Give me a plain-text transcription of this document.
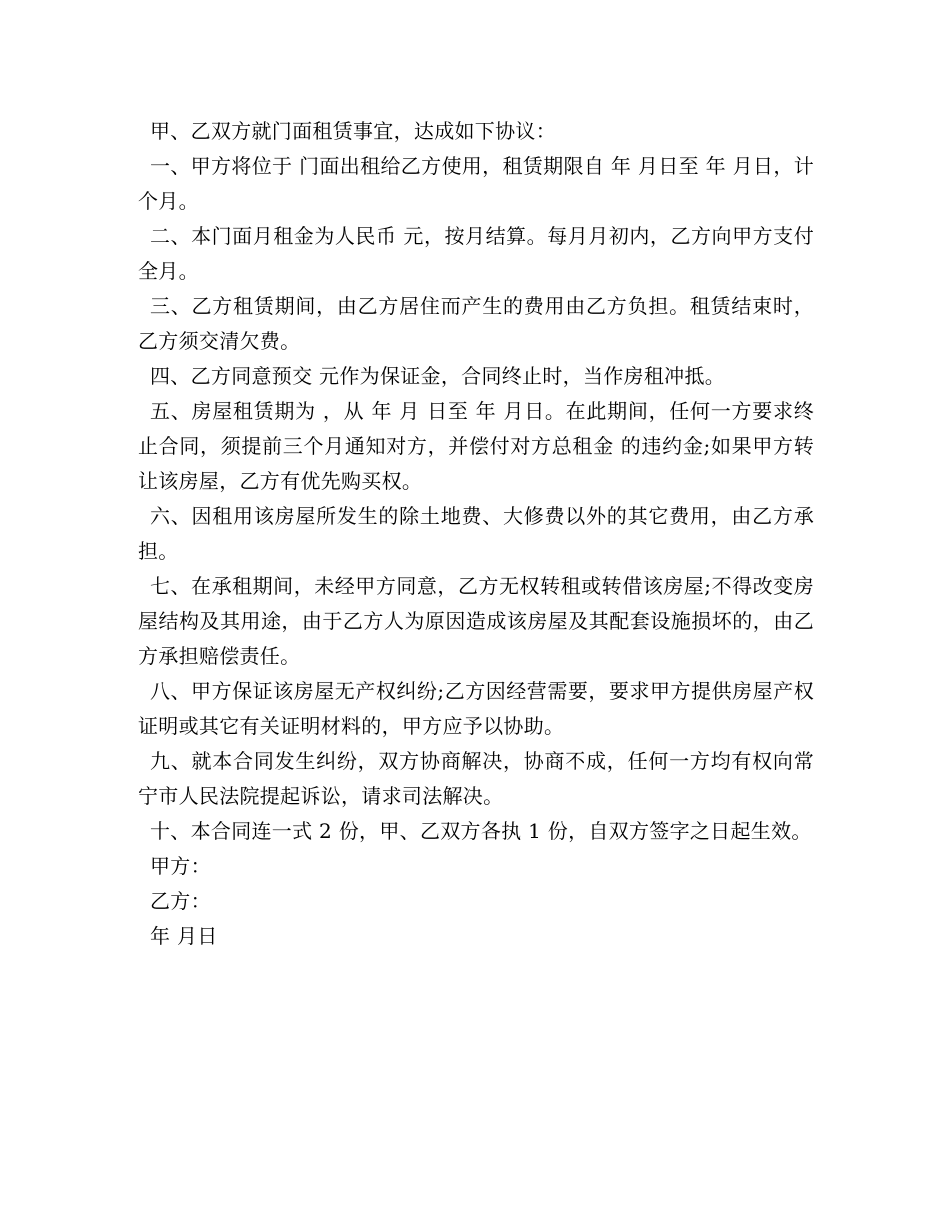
甲、乙双方就门面租赁事宜，达成如下协议：

一、甲方将位于 门面出租给乙方使用，租赁期限自 年 月日至 年 月日，计 个月。

二、本门面月租金为人民币 元，按月结算。每月月初内，乙方向甲方支付全月。

三、乙方租赁期间，由乙方居住而产生的费用由乙方负担。租赁结束时，乙方须交清欠费。

四、乙方同意预交 元作为保证金，合同终止时，当作房租冲抵。

五、房屋租赁期为 ，从 年 月 日至 年 月日。在此期间，任何一方要求终止合同，须提前三个月通知对方，并偿付对方总租金 的违约金;如果甲方转让该房屋，乙方有优先购买权。

六、因租用该房屋所发生的除土地费、大修费以外的其它费用，由乙方承担。

七、在承租期间，未经甲方同意，乙方无权转租或转借该房屋;不得改变房屋结构及其用途，由于乙方人为原因造成该房屋及其配套设施损坏的，由乙方承担赔偿责任。

八、甲方保证该房屋无产权纠纷;乙方因经营需要，要求甲方提供房屋产权证明或其它有关证明材料的，甲方应予以协助。

九、就本合同发生纠纷，双方协商解决，协商不成，任何一方均有权向常宁市人民法院提起诉讼，请求司法解决。

十、本合同连一式 2 份，甲、乙双方各执 1 份，自双方签字之日起生效。

甲方：

乙方：

年 月日
